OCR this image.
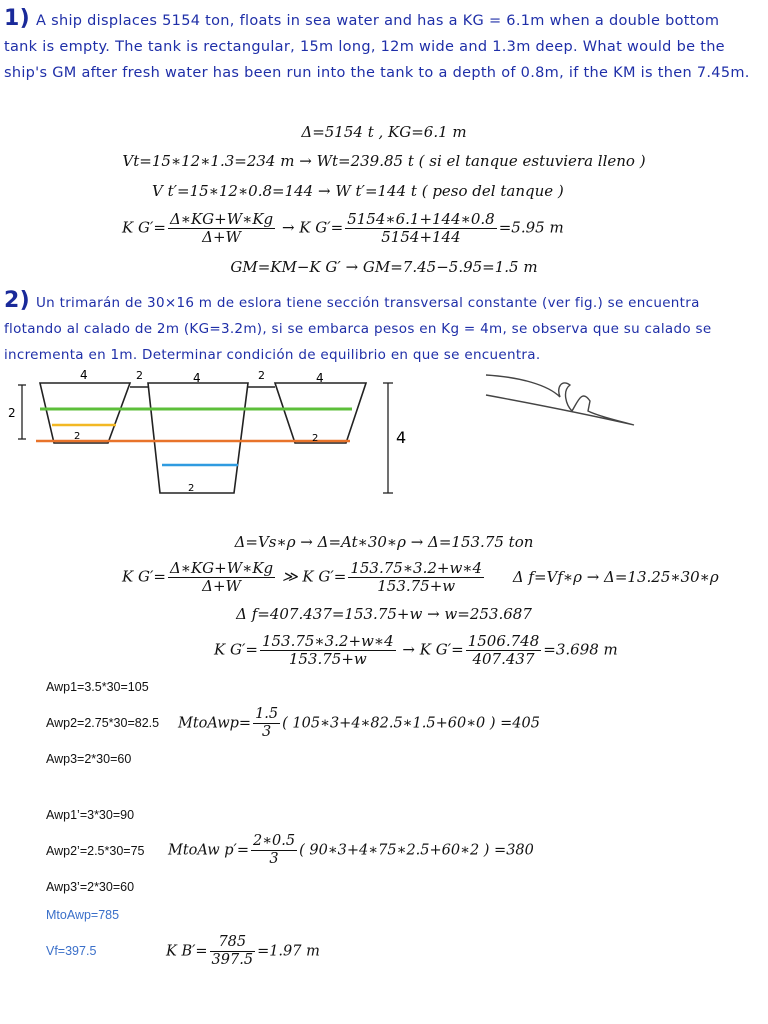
1) A ship displaces 5154 ton, floats in sea water and has a KG = 6.1m when a double bottom tank is empty. The tank is rectangular, 15m long, 12m wide and 1.3m deep. What would be the ship's GM after fresh water has been run into the tank to a depth of 0.8m, if the KM is then 7.45m.
Δ=5154 t , KG=6.1 m
Vt=15∗12∗1.3=234 m → Wt=239.85 t ( si el tanque estuviera lleno )
V t′=15∗12∗0.8=144 → W t′=144 t ( peso del tanque )
K $G'= \frac{\Delta∗KG+W∗Kg}{\Delta+W} \to K$ $G'= \frac{5154∗6.1+144∗0.8}{5154+144} =5.95$ m
GM=KM−K G′ → GM=7.45−5.95=1.5 m
2) Un trimarán de 30×16 m de eslora tiene sección transversal constante (ver fig.) se encuentra flotando al calado de 2m (KG=3.2m), si se embarca pesos en Kg = 4m, se observa que su calado se incrementa en 1m. Determinar condición de equilibrio en que se encuentra.
4	2	4	2	4
2
2
2
2
4
Δ=Vs∗ρ → Δ=At∗30∗ρ → Δ=153.75 ton
K $G'= \frac{\Delta∗KG+W∗Kg}{\Delta+W}$ ≫ K $G'= \frac{153.75∗3.2+w∗4}{153.75+w}$ Δ f=Vf∗ρ → Δ=13.25∗30∗ρ
Δ f=407.437=153.75+w → w=253.687
K $G'= \frac{153.75∗3.2+w∗4}{153.75+w} \to K$ $G'= \frac{1506.748}{407.437} =3.698$ m
Awp1=3.5*30=105
Awp2=2.75*30=82.5 MtoAwp= $\frac{1.5}{3}$ ( 105∗3+4∗82.5∗1.5+60∗0 ) =405
Awp3=2*30=60
Awp1’=3*30=90
Awp2’=2.5*30=75 MtoAw $p'= \frac{2∗0.5}{3}$ ( 90∗3+4∗75∗2.5+60∗2 ) =380
Awp3’=2*30=60
MtoAwp=785
Vf=397.5	K $B'= \frac{785}{397.5} =1.97$ m
